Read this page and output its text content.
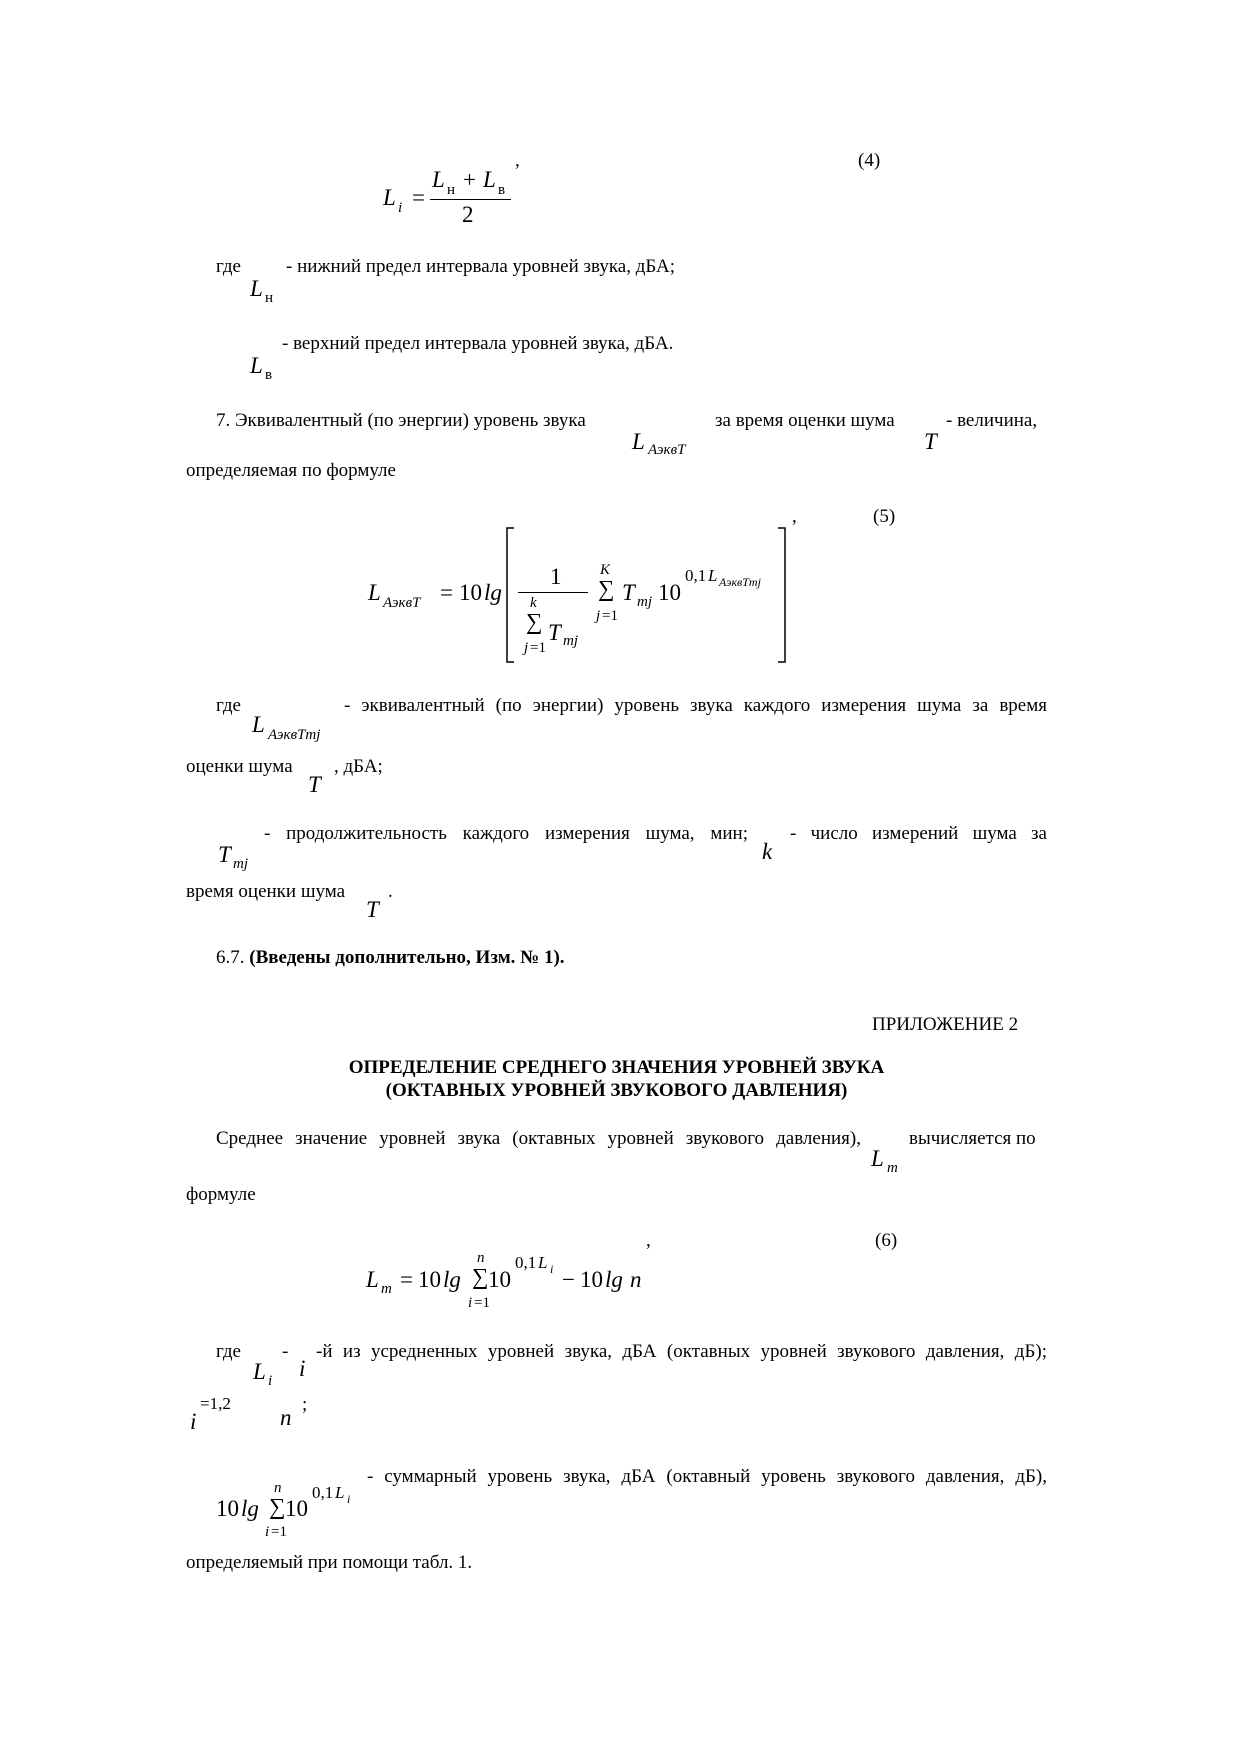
,	(4)
L i =
L н + L в
2
где
L н
- нижний предел интервала уровней звука, дБА;
- верхний предел интервала уровней звука, дБА.
L в
7. Эквивалентный (по энергии) уровень звука
L АэквT
за время оценки шума
T
- величина,
определяемая по формуле
,	(5)
L АэквT = 10 lg
1
k
∑ T mj
j =1
K
∑
j =1
T mj 10
0,1 L АэквTmj
где
L АэквTmj
- эквивалентный (по энергии) уровень звука каждого измерения шума за время
оценки шума
T
, дБА;
- продолжительность каждого измерения шума, мин;
T mj	k
- число измерений шума за
время оценки шума
T
.
6.7. (Введены дополнительно, Изм. № 1).
ПРИЛОЖЕНИЕ 2
ОПРЕДЕЛЕНИЕ СРЕДНЕГО ЗНАЧЕНИЯ УРОВНЕЙ ЗВУКА
(ОКТАВНЫХ УРОВНЕЙ ЗВУКОВОГО ДАВЛЕНИЯ)
Среднее значение уровней звука (октавных уровней звукового давления),
L m
вычисляется по
формуле
,	(6)
L m = 10 lg
n
∑
i =1
10
0,1 L i − 10 lg n
где
L i
-
i
-й из усредненных уровней звука, дБА (октавных уровней звукового давления, дБ);
i
=1,2
n
;
- суммарный уровень звука, дБА (октавный уровень звукового давления, дБ),
10 lg
n
∑
i =1
10
0,1 L i
определяемый при помощи табл. 1.
